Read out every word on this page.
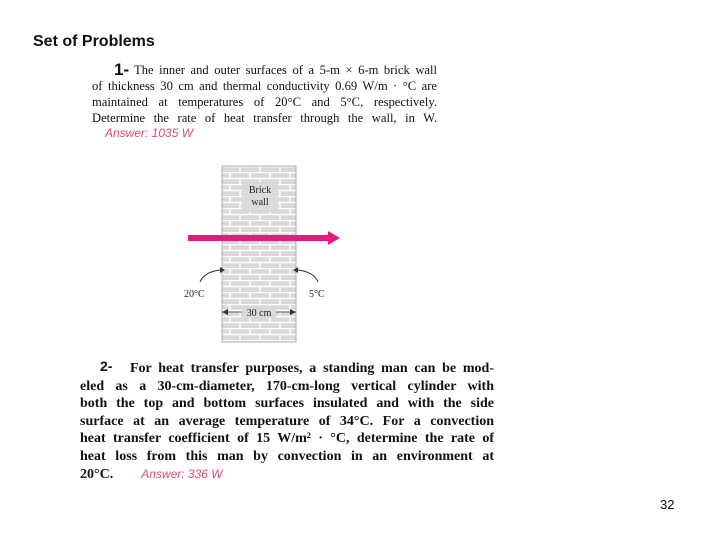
Set of Problems
The inner and outer surfaces of a 5-m × 6-m brick wall
of thickness 30 cm and thermal conductivity 0.69 W/m · °C are
maintained at temperatures of 20°C and 5°C, respectively.
Determine the rate of heat transfer through the wall, in W.
1-
Answer: 1035 W
Brick
wall
20°C	5°C
30 cm
For heat transfer purposes, a standing man can be mod-
eled as a 30-cm-diameter, 170-cm-long vertical cylinder with
both the top and bottom surfaces insulated and with the side
surface at an average temperature of 34°C. For a convection
heat transfer coefficient of 15 W/m² · °C, determine the rate of
heat loss from this man by convection in an environment at
20°C. Answer: 336 W
2-
32
